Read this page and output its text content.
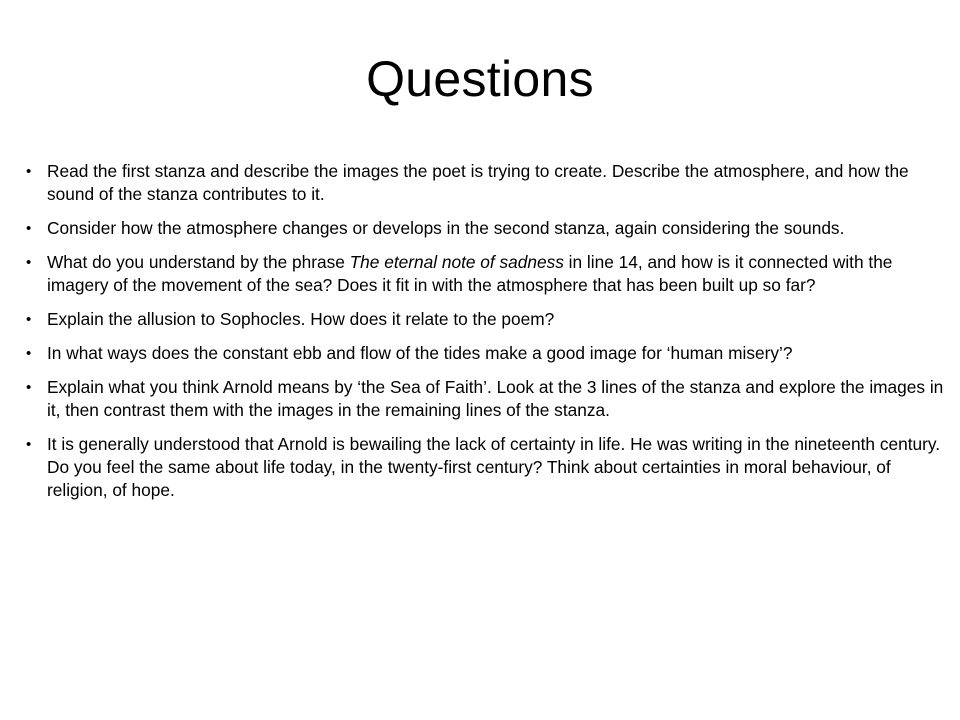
Questions
• Read the first stanza and describe the images the poet is trying to create. Describe the atmosphere, and how the sound of the stanza contributes to it.
• Consider how the atmosphere changes or develops in the second stanza, again considering the sounds.
• What do you understand by the phrase The eternal note of sadness in line 14, and how is it connected with the imagery of the movement of the sea? Does it fit in with the atmosphere that has been built up so far?
• Explain the allusion to Sophocles. How does it relate to the poem?
• In what ways does the constant ebb and flow of the tides make a good image for ‘human misery’?
• Explain what you think Arnold means by ‘the Sea of Faith’. Look at the 3 lines of the stanza and explore the images in it, then contrast them with the images in the remaining lines of the stanza.
• It is generally understood that Arnold is bewailing the lack of certainty in life. He was writing in the nineteenth century. Do you feel the same about life today, in the twenty-first century? Think about certainties in moral behaviour, of religion, of hope.
